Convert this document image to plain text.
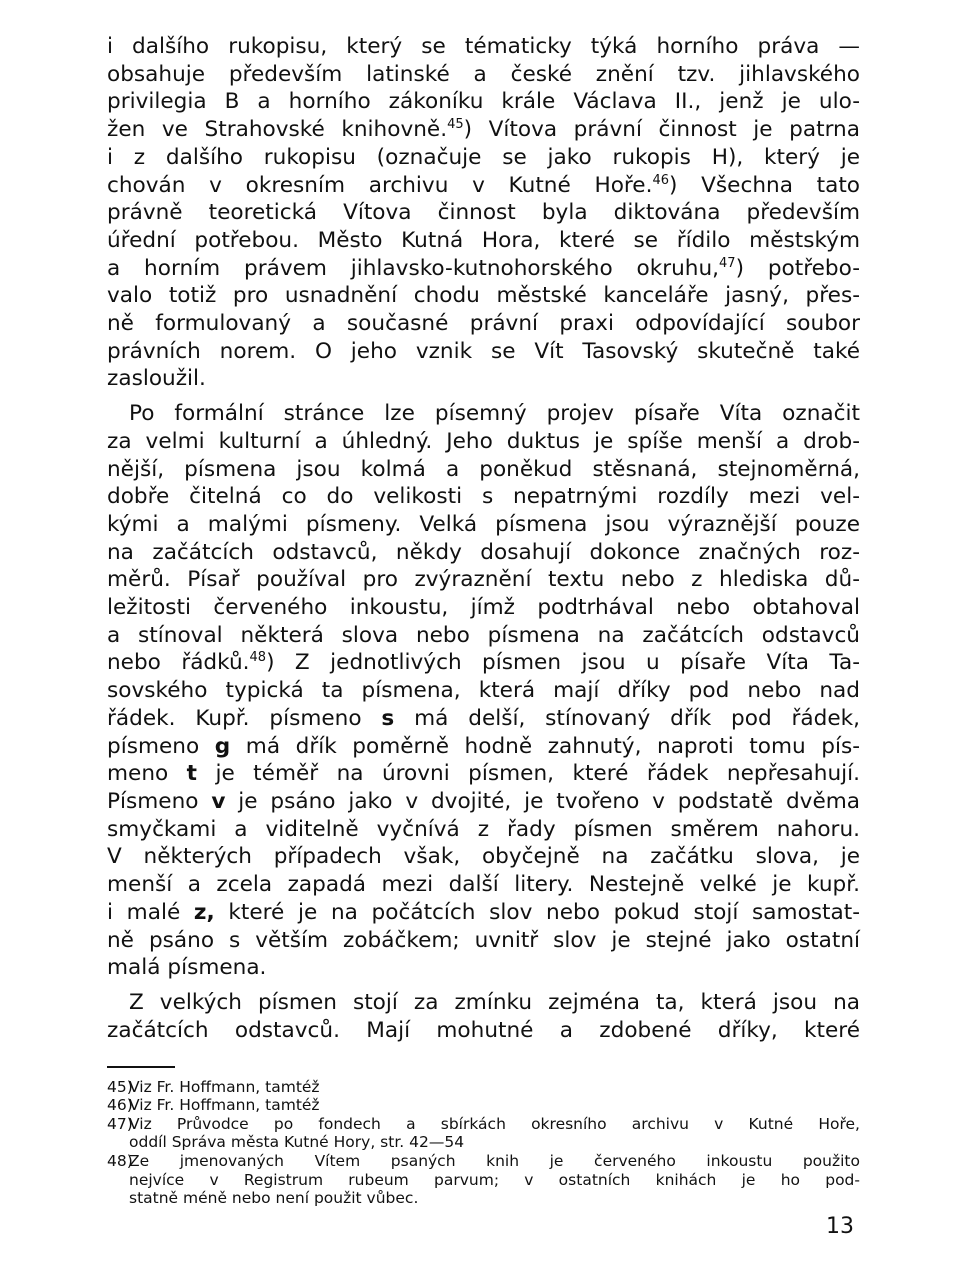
i dalšího rukopisu, který se tématicky týká horního práva —
obsahuje především latinské a české znění tzv. jihlavského
privilegia B a horního zákoníku krále Václava II., jenž je ulo-
žen ve Strahovské knihovně.$^{45}$) Vítova právní činnost je patrna
i z dalšího rukopisu (označuje se jako rukopis H), který je
chován v okresním archivu v Kutné Hoře.$^{46}$) Všechna tato
právně teoretická Vítova činnost byla diktována především
úřední potřebou. Město Kutná Hora, které se řídilo městským
a horním právem jihlavsko-kutnohorského okruhu,$^{47}$) potřebo-
valo totiž pro usnadnění chodu městské kanceláře jasný, přes-
ně formulovaný a současné právní praxi odpovídající soubor
právních norem. O jeho vznik se Vít Tasovský skutečně také
zasloužil.

Po formální stránce lze písemný projev písaře Víta označit
za velmi kulturní a úhledný. Jeho duktus je spíše menší a drob-
nější, písmena jsou kolmá a poněkud stěsnaná, stejnoměrná,
dobře čitelná co do velikosti s nepatrnými rozdíly mezi vel-
kými a malými písmeny. Velká písmena jsou výraznější pouze
na začátcích odstavců, někdy dosahují dokonce značných roz-
měrů. Písař používal pro zvýraznění textu nebo z hlediska dů-
ležitosti červeného inkoustu, jímž podtrhával nebo obtahoval
a stínoval některá slova nebo písmena na začátcích odstavců
nebo řádků.$^{48}$) Z jednotlivých písmen jsou u písaře Víta Ta-
sovského typická ta písmena, která mají dříky pod nebo nad
řádek. Kupř. písmeno s má delší, stínovaný dřík pod řádek,
písmeno g má dřík poměrně hodně zahnutý, naproti tomu pís-
meno t je téměř na úrovni písmen, které řádek nepřesahují.
Písmeno v je psáno jako v dvojité, je tvořeno v podstatě dvěma
smyčkami a viditelně vyčnívá z řady písmen směrem nahoru.
V některých případech však, obyčejně na začátku slova, je
menší a zcela zapadá mezi další litery. Nestejně velké je kupř.
i malé z, které je na počátcích slov nebo pokud stojí samostat-
ně psáno s větším zobáčkem; uvnitř slov je stejné jako ostatní
malá písmena.

Z velkých písmen stojí za zmínku zejména ta, která jsou na
začátcích odstavců. Mají mohutné a zdobené dříky, které

45)Viz Fr. Hoffmann, tamtéž

46)Viz Fr. Hoffmann, tamtéž

47)Viz Průvodce po fondech a sbírkách okresního archivu v Kutné Hoře,
oddíl Správa města Kutné Hory, str. 42—54

48)Ze jmenovaných Vítem psaných knih je červeného inkoustu použito
nejvíce v Registrum rubeum parvum; v ostatních knihách je ho pod-
statně méně nebo není použit vůbec.

13
